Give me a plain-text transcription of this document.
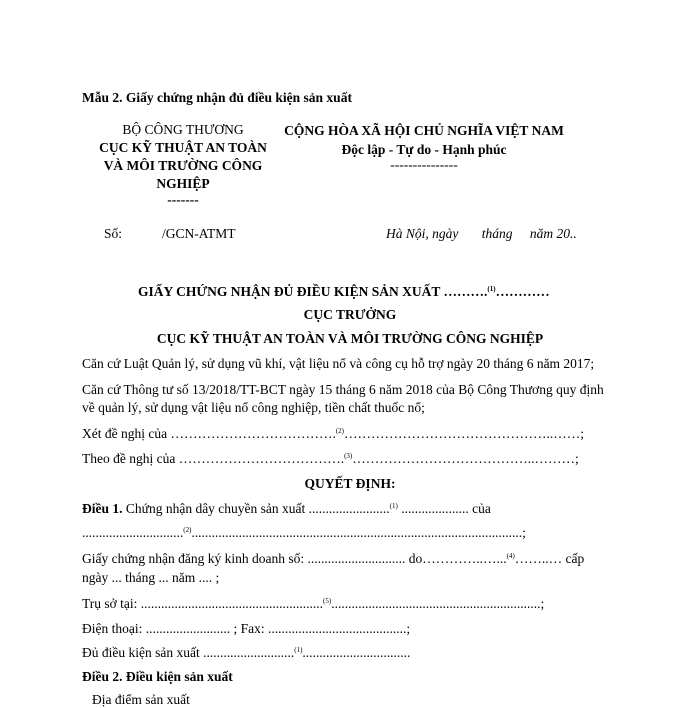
Mẫu 2. Giấy chứng nhận đủ điều kiện sản xuất
BỘ CÔNG THƯƠNG
CỤC KỸ THUẬT AN TOÀN
VÀ MÔI TRƯỜNG CÔNG
NGHIỆP
-------
CỘNG HÒA XÃ HỘI CHỦ NGHĨA VIỆT NAM
Độc lập - Tự do - Hạnh phúc
---------------
Số:	/GCN-ATMT	Hà Nội, ngày tháng năm 20..
GIẤY CHỨNG NHẬN ĐỦ ĐIỀU KIỆN SẢN XUẤT ……….$^{(1)}$…………
CỤC TRƯỞNG
CỤC KỸ THUẬT AN TOÀN VÀ MÔI TRƯỜNG CÔNG NGHIỆP
Căn cứ Luật Quản lý, sử dụng vũ khí, vật liệu nổ và công cụ hỗ trợ ngày 20 tháng 6 năm 2017;
Căn cứ Thông tư số 13/2018/TT-BCT ngày 15 tháng 6 năm 2018 của Bộ Công Thương quy định
về quản lý, sử dụng vật liệu nổ công nghiệp, tiền chất thuốc nổ;
Xét đề nghị của ……………………………….$^{(2)}$………………………………………..……;
Theo đề nghị của ……………………………….$^{(3)}$…………………………………..………;
QUYẾT ĐỊNH:
Điều 1. Chứng nhận dây chuyền sản xuất ........................$^{(1)}$ .................... của
..............................$^{(2)}$..................................................................................................;
Giấy chứng nhận đăng ký kinh doanh số: ............................. do…………..…...$^{(4)}$……..… cấp
ngày ... tháng ... năm .... ;
Trụ sở tại: ......................................................$^{(5)}$..............................................................;
Điện thoại: ......................... ; Fax: .........................................;
Đủ điều kiện sản xuất ...........................$^{(1)}$................................
Điều 2. Điều kiện sản xuất
Địa điểm sản xuất
